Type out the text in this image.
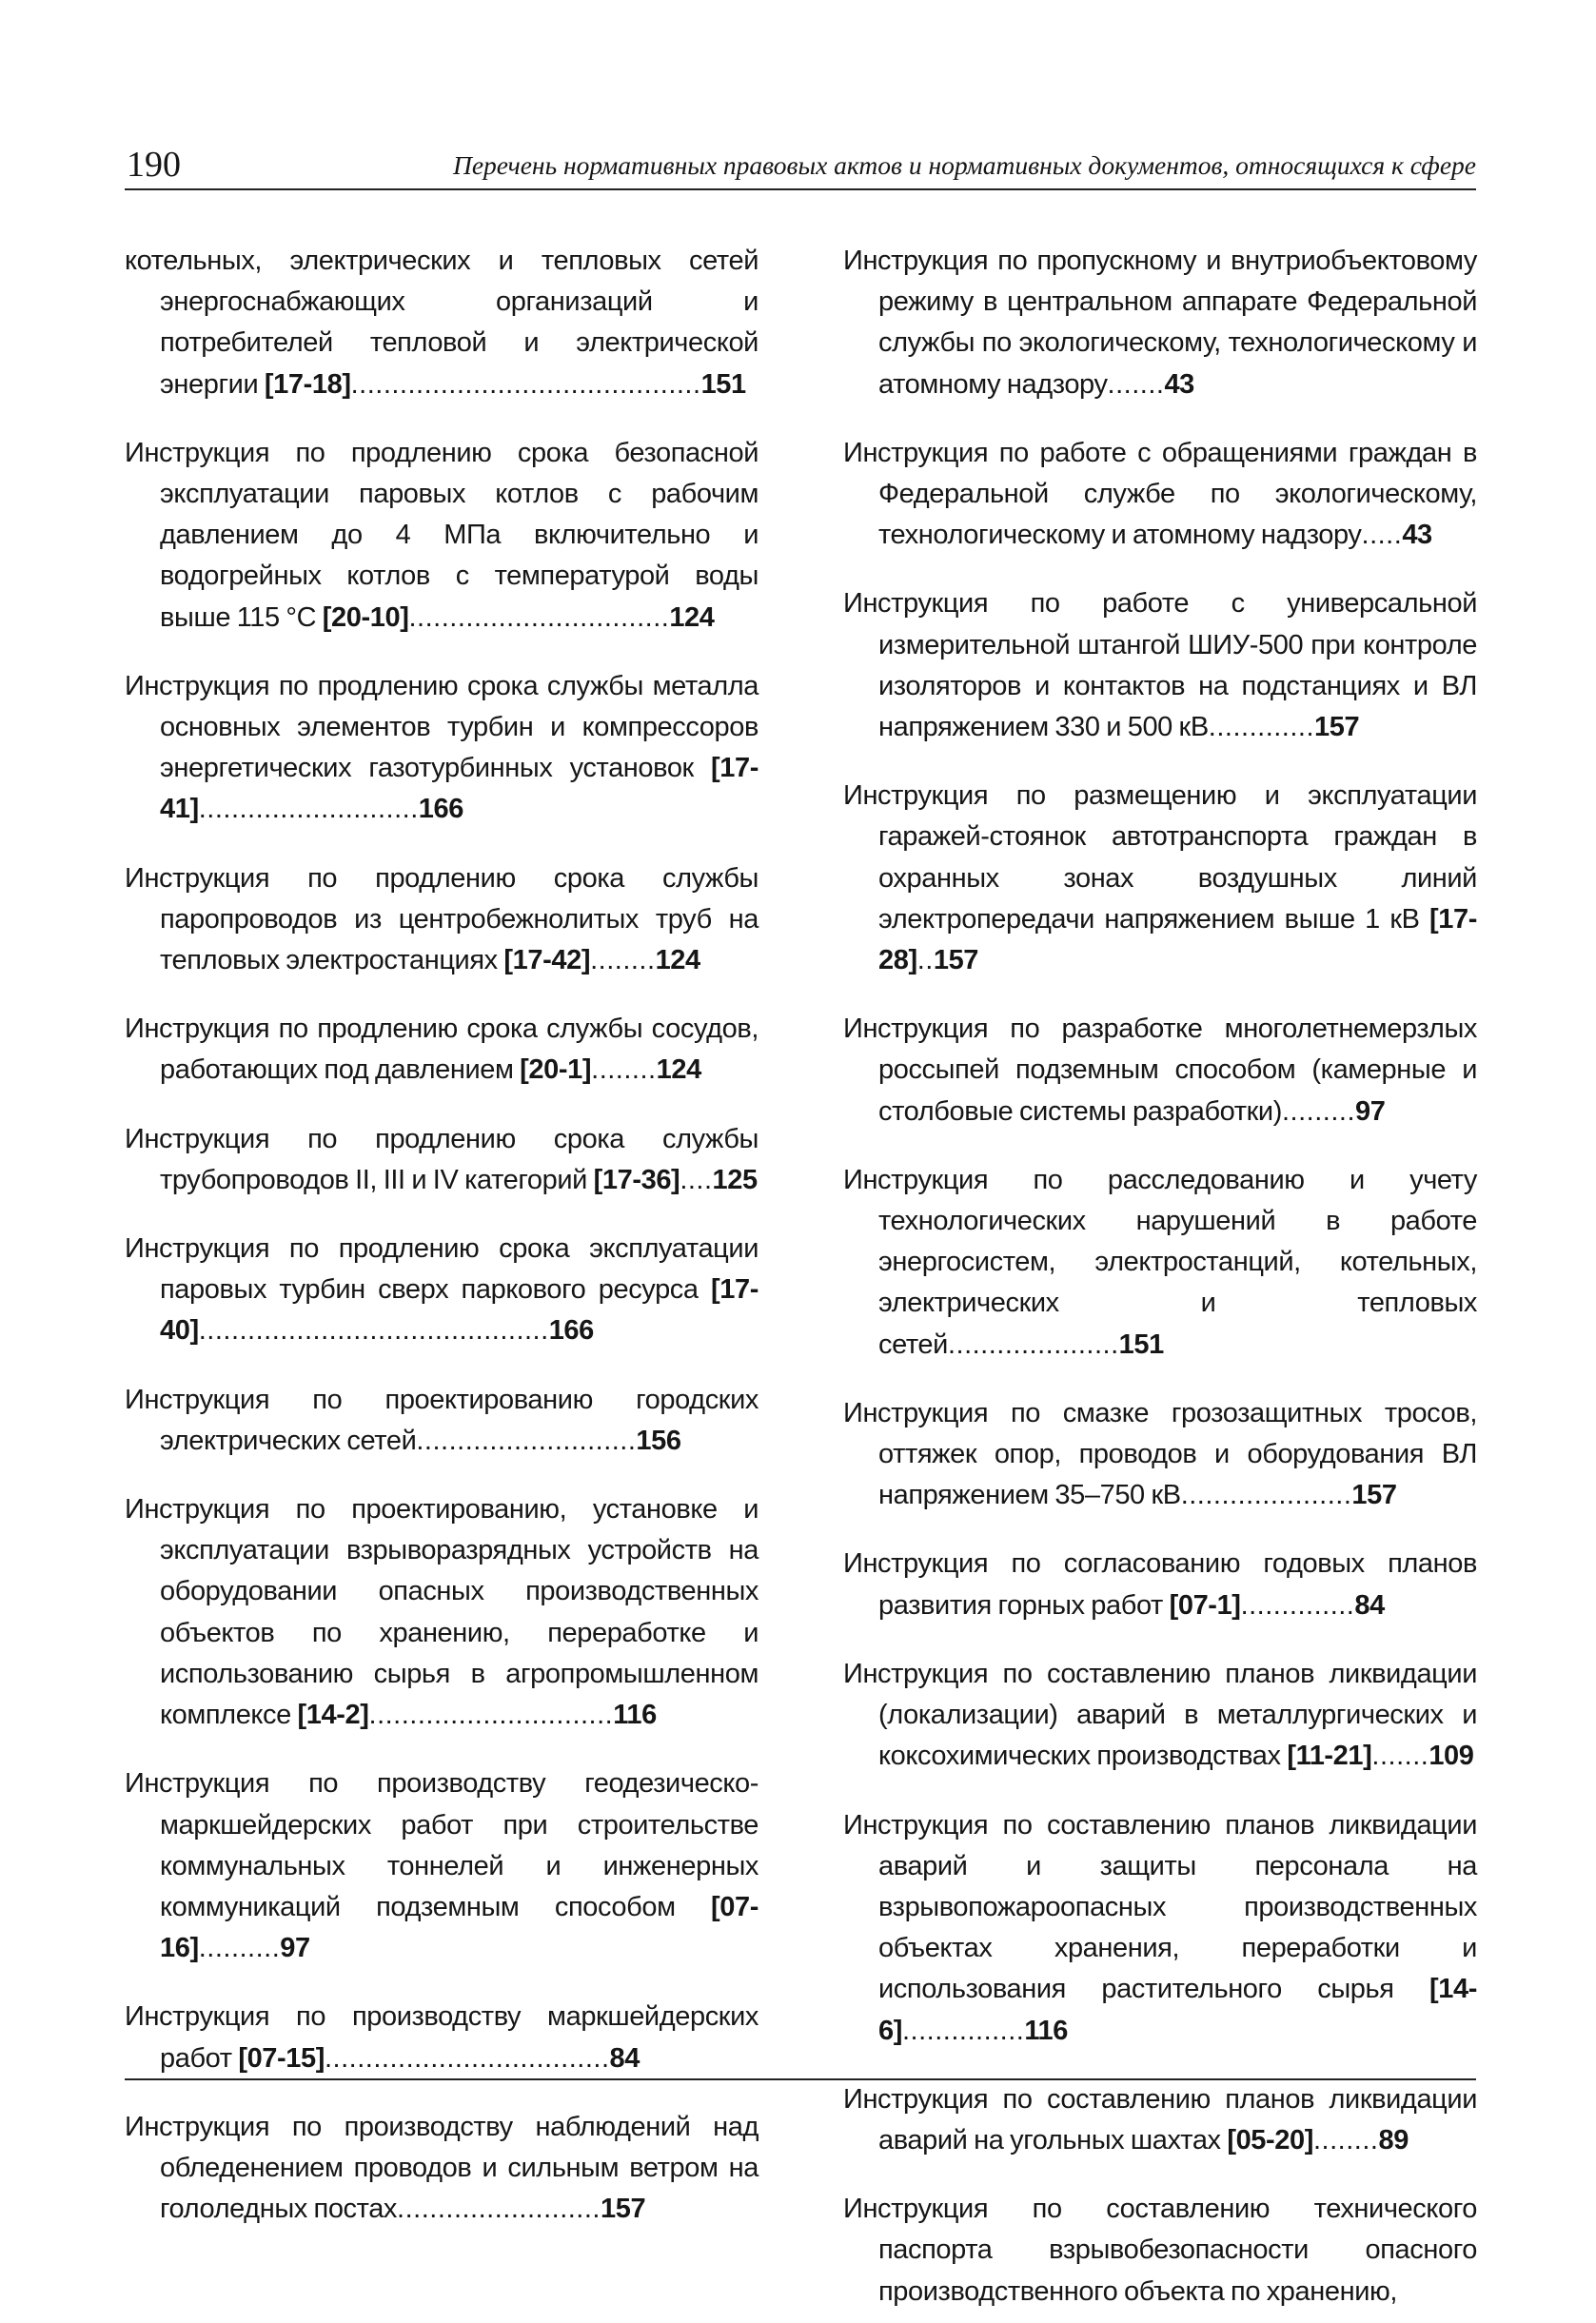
190	Перечень нормативных правовых актов и нормативных документов, относящихся к сфере

котельных, электрических и тепловых сетей энергоснабжающих организаций и потребителей тепловой и электрической энергии [17-18]...........................................151

Инструкция по продлению срока безопасной эксплуатации паровых котлов с рабочим давлением до 4 МПа включительно и водогрейных котлов с температурой воды выше 115 °С [20-10]................................124

Инструкция по продлению срока службы металла основных элементов турбин и компрессоров энергетических газотурбинных установок [17-41]...........................166

Инструкция по продлению срока службы паропроводов из центробежнолитых труб на тепловых электростанциях [17-42]........124

Инструкция по продлению срока службы сосудов, работающих под давлением [20-1]........124

Инструкция по продлению срока службы трубопроводов II, III и IV категорий [17-36]....125

Инструкция по продлению срока эксплуатации паровых турбин сверх паркового ресурса [17-40]...........................................166

Инструкция по проектированию городских электрических сетей...........................156

Инструкция по проектированию, установке и эксплуатации взрыворазрядных устройств на оборудовании опасных производственных объектов по хранению, переработке и использованию сырья в агропромышленном комплексе [14-2]..............................116

Инструкция по производству геодезическо-маркшейдерских работ при строительстве коммунальных тоннелей и инженерных коммуникаций подземным способом [07-16]..........97

Инструкция по производству маркшейдерских работ [07-15]...................................84

Инструкция по производству наблюдений над обледенением проводов и сильным ветром на гололедных постах.........................157

Инструкция по пропускному и внутриобъектовому режиму в центральном аппарате Федеральной службы по экологическому, технологическому и атомному надзору.......43

Инструкция по работе с обращениями граждан в Федеральной службе по экологическому, технологическому и атомному надзору.....43

Инструкция по работе с универсальной измерительной штангой ШИУ-500 при контроле изоляторов и контактов на подстанциях и ВЛ напряжением 330 и 500 кВ.............157

Инструкция по размещению и эксплуатации гаражей-стоянок автотранспорта граждан в охранных зонах воздушных линий электропередачи напряжением выше 1 кВ [17-28]..157

Инструкция по разработке многолетнемерзлых россыпей подземным способом (камерные и столбовые системы разработки).........97

Инструкция по расследованию и учету технологических нарушений в работе энергосистем, электростанций, котельных, электрических и тепловых сетей.....................151

Инструкция по смазке грозозащитных тросов, оттяжек опор, проводов и оборудования ВЛ напряжением 35–750 кВ.....................157

Инструкция по согласованию годовых планов развития горных работ [07-1]..............84

Инструкция по составлению планов ликвидации (локализации) аварий в металлургических и коксохимических производствах [11-21].......109

Инструкция по составлению планов ликвидации аварий и защиты персонала на взрывопожароопасных производственных объектах хранения, переработки и использования растительного сырья [14-6]...............116

Инструкция по составлению планов ликвидации аварий на угольных шахтах [05-20]........89

Инструкция по составлению технического паспорта взрывобезопасности опасного производственного объекта по хранению,
